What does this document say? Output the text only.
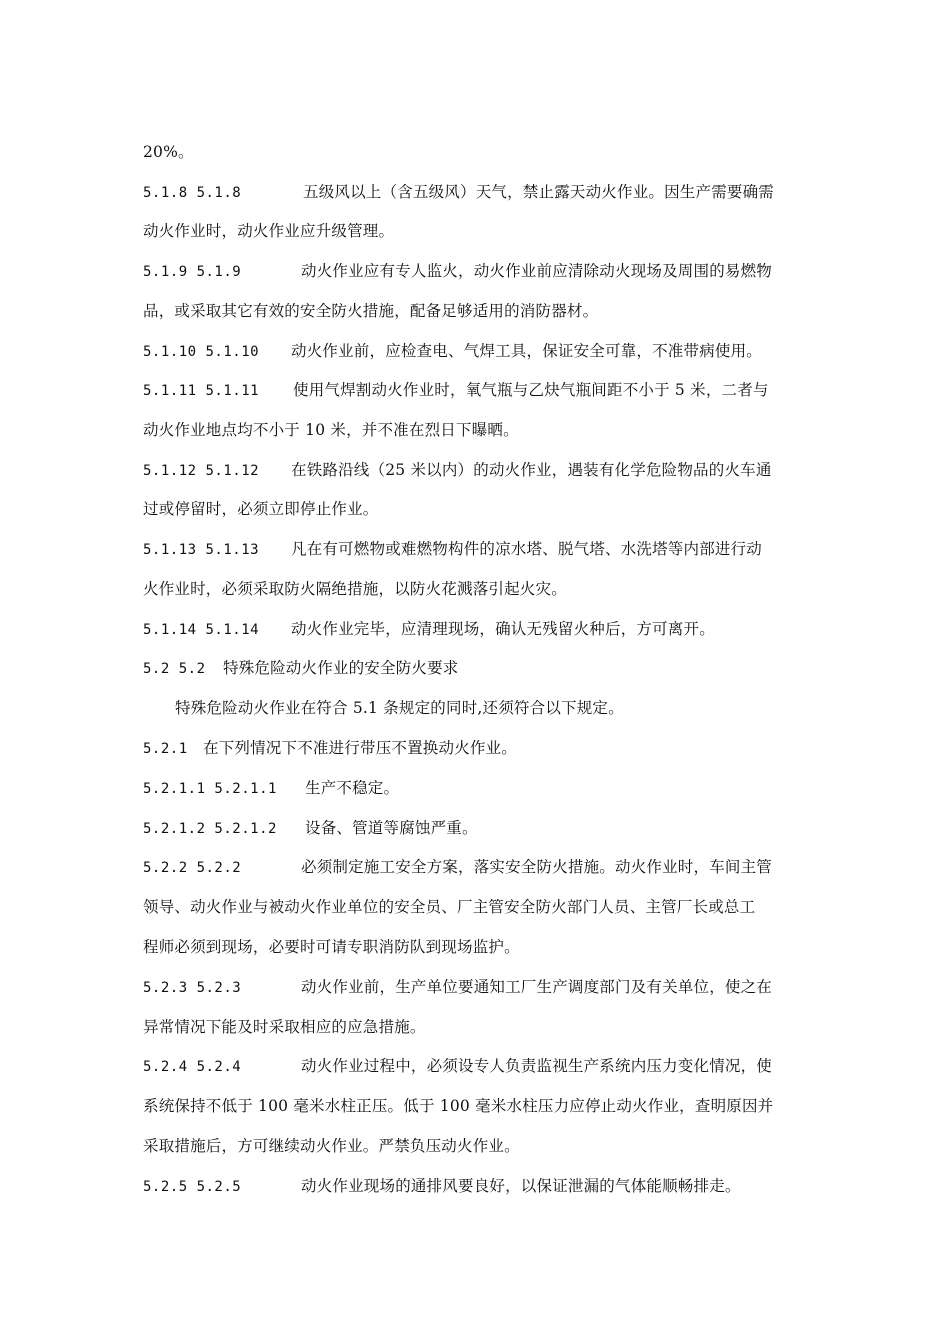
20%。
5.1.8 5.1.8	五级风以上（含五级风）天气，禁止露天动火作业。因生产需要确需
动火作业时，动火作业应升级管理。
5.1.9 5.1.9	动火作业应有专人监火，动火作业前应清除动火现场及周围的易燃物
品，或采取其它有效的安全防火措施，配备足够适用的消防器材。
5.1.10 5.1.10 动火作业前，应检查电、气焊工具，保证安全可靠，不准带病使用。
5.1.11 5.1.11 使用气焊割动火作业时，氧气瓶与乙炔气瓶间距不小于 5 米，二者与
动火作业地点均不小于 10 米，并不准在烈日下曝晒。
5.1.12 5.1.12 在铁路沿线（25 米以内）的动火作业，遇装有化学危险物品的火车通
过或停留时，必须立即停止作业。
5.1.13 5.1.13 凡在有可燃物或难燃物构件的凉水塔、脱气塔、水洗塔等内部进行动
火作业时，必须采取防火隔绝措施，以防火花溅落引起火灾。
5.1.14 5.1.14 动火作业完毕，应清理现场，确认无残留火种后，方可离开。
5.2 5.2 特殊危险动火作业的安全防火要求
特殊危险动火作业在符合 5.1 条规定的同时,还须符合以下规定。
5.2.1 在下列情况下不准进行带压不置换动火作业。
5.2.1.1 5.2.1.1 生产不稳定。
5.2.1.2 5.2.1.2 设备、管道等腐蚀严重。
5.2.2 5.2.2	必须制定施工安全方案，落实安全防火措施。动火作业时，车间主管
领导、动火作业与被动火作业单位的安全员、厂主管安全防火部门人员、主管厂长或总工
程师必须到现场，必要时可请专职消防队到现场监护。
5.2.3 5.2.3	动火作业前，生产单位要通知工厂生产调度部门及有关单位，使之在
异常情况下能及时采取相应的应急措施。
5.2.4 5.2.4	动火作业过程中，必须设专人负责监视生产系统内压力变化情况，使
系统保持不低于 100 毫米水柱正压。低于 100 毫米水柱压力应停止动火作业，查明原因并
采取措施后，方可继续动火作业。严禁负压动火作业。
5.2.5 5.2.5	动火作业现场的通排风要良好，以保证泄漏的气体能顺畅排走。
